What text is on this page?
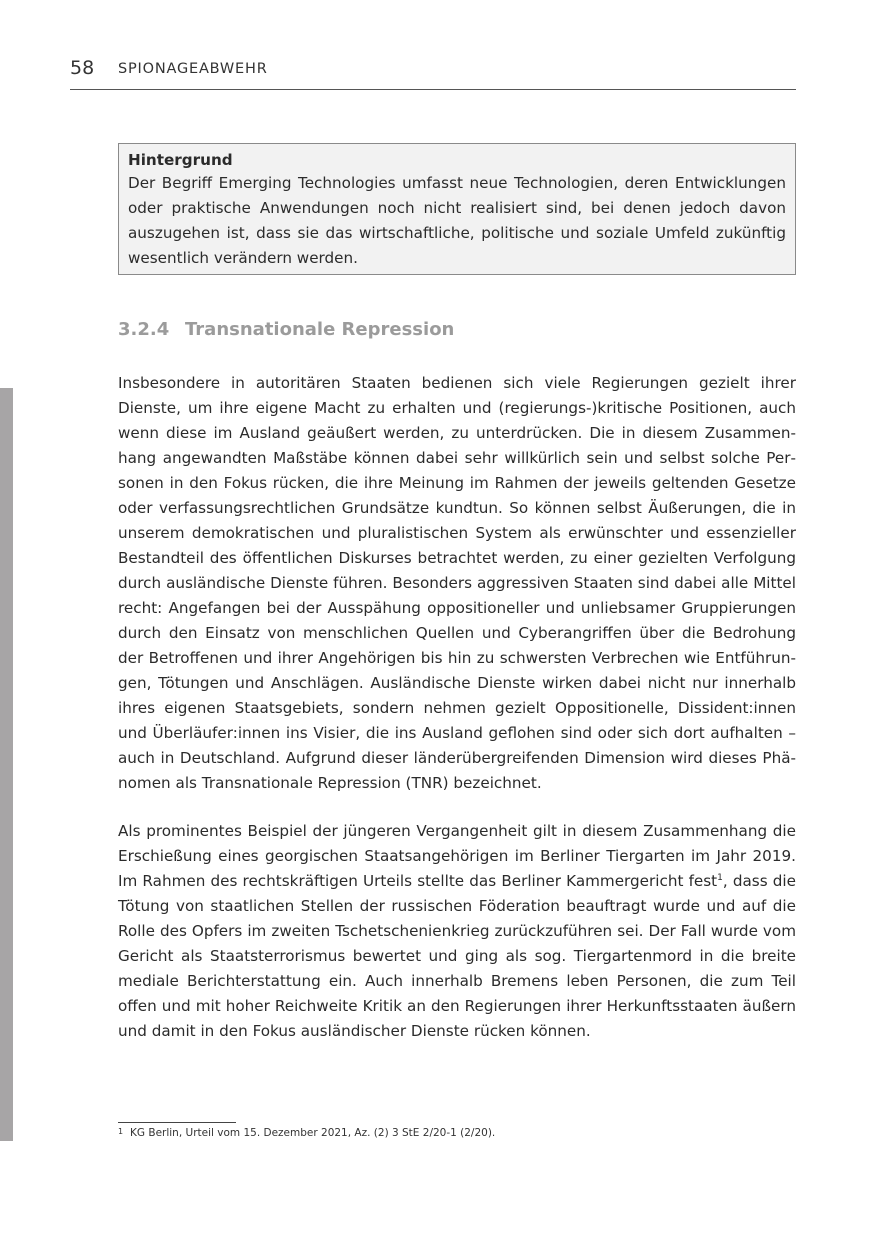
58 SPIONAGEABWEHR
Hintergrund

Der Begriff Emerging Technologies umfasst neue Technologien, deren Entwicklungen oder praktische Anwendungen noch nicht realisiert sind, bei denen jedoch davon auszugehen ist, dass sie das wirtschaftliche, politische und soziale Umfeld zukünftig wesentlich verändern werden.

3.2.4 Transnationale Repression

Insbesondere in autoritären Staaten bedienen sich viele Regierungen gezielt ihrer Dienste, um ihre eigene Macht zu erhalten und (regierungs-)kritische Positionen, auch wenn diese im Ausland geäußert werden, zu unterdrücken. Die in diesem Zusammenhang angewandten Maßstäbe können dabei sehr willkürlich sein und selbst solche Personen in den Fokus rücken, die ihre Meinung im Rahmen der jeweils geltenden Gesetze oder verfassungsrechtlichen Grundsätze kundtun. So können selbst Äußerungen, die in unserem demokratischen und pluralistischen System als erwünschter und essenzieller Bestandteil des öffentlichen Diskurses betrachtet werden, zu einer gezielten Verfolgung durch ausländische Dienste führen. Besonders aggressiven Staaten sind dabei alle Mittel recht: Angefangen bei der Ausspähung oppositioneller und unliebsamer Gruppierungen durch den Einsatz von menschlichen Quellen und Cyberangriffen über die Bedrohung der Betroffenen und ihrer Angehörigen bis hin zu schwersten Verbrechen wie Entführungen, Tötungen und Anschlägen. Ausländische Dienste wirken dabei nicht nur innerhalb ihres eigenen Staatsgebiets, sondern nehmen gezielt Oppositionelle, Dissident:innen und Überläufer:innen ins Visier, die ins Ausland geflohen sind oder sich dort aufhalten – auch in Deutschland. Aufgrund dieser länderübergreifenden Dimension wird dieses Phänomen als Transnationale Repression (TNR) bezeichnet.

Als prominentes Beispiel der jüngeren Vergangenheit gilt in diesem Zusammenhang die Erschießung eines georgischen Staatsangehörigen im Berliner Tiergarten im Jahr 2019. Im Rahmen des rechtskräftigen Urteils stellte das Berliner Kammergericht fest$^1$, dass die Tötung von staatlichen Stellen der russischen Föderation beauftragt wurde und auf die Rolle des Opfers im zweiten Tschetschenienkrieg zurückzuführen sei. Der Fall wurde vom Gericht als Staatsterrorismus bewertet und ging als sog. Tiergartenmord in die breite mediale Berichterstattung ein. Auch innerhalb Bremens leben Personen, die zum Teil offen und mit hoher Reichweite Kritik an den Regierungen ihrer Herkunftsstaaten äußern und damit in den Fokus ausländischer Dienste rücken können.

1 KG Berlin, Urteil vom 15. Dezember 2021, Az. (2) 3 StE 2/20-1 (2/20).
